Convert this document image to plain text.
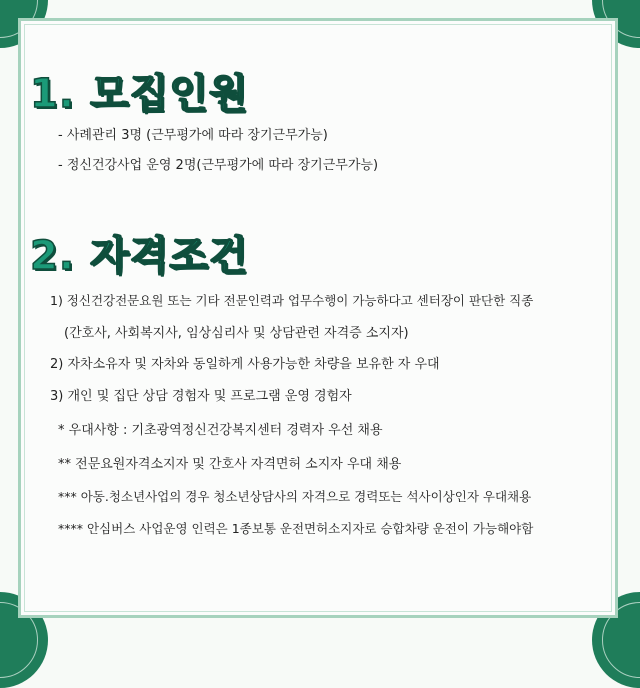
1. 모집인원

- 사례관리 3명 (근무평가에 따라 장기근무가능)

- 정신건강사업 운영 2명(근무평가에 따라 장기근무가능)

2. 자격조건

1) 정신건강전문요원 또는 기타 전문인력과 업무수행이 가능하다고 센터장이 판단한 직종

(간호사, 사회복지사, 임상심리사 및 상담관련 자격증 소지자)

2) 자차소유자 및 자차와 동일하게 사용가능한 차량을 보유한 자 우대

3) 개인 및 집단 상담 경험자 및 프로그램 운영 경험자

* 우대사항 : 기초광역정신건강복지센터 경력자 우선 채용

** 전문요원자격소지자 및 간호사 자격면허 소지자 우대 채용

*** 아동.청소년사업의 경우 청소년상담사의 자격으로 경력또는 석사이상인자 우대채용

**** 안심버스 사업운영 인력은 1종보통 운전면허소지자로 승합차량 운전이 가능해야함
